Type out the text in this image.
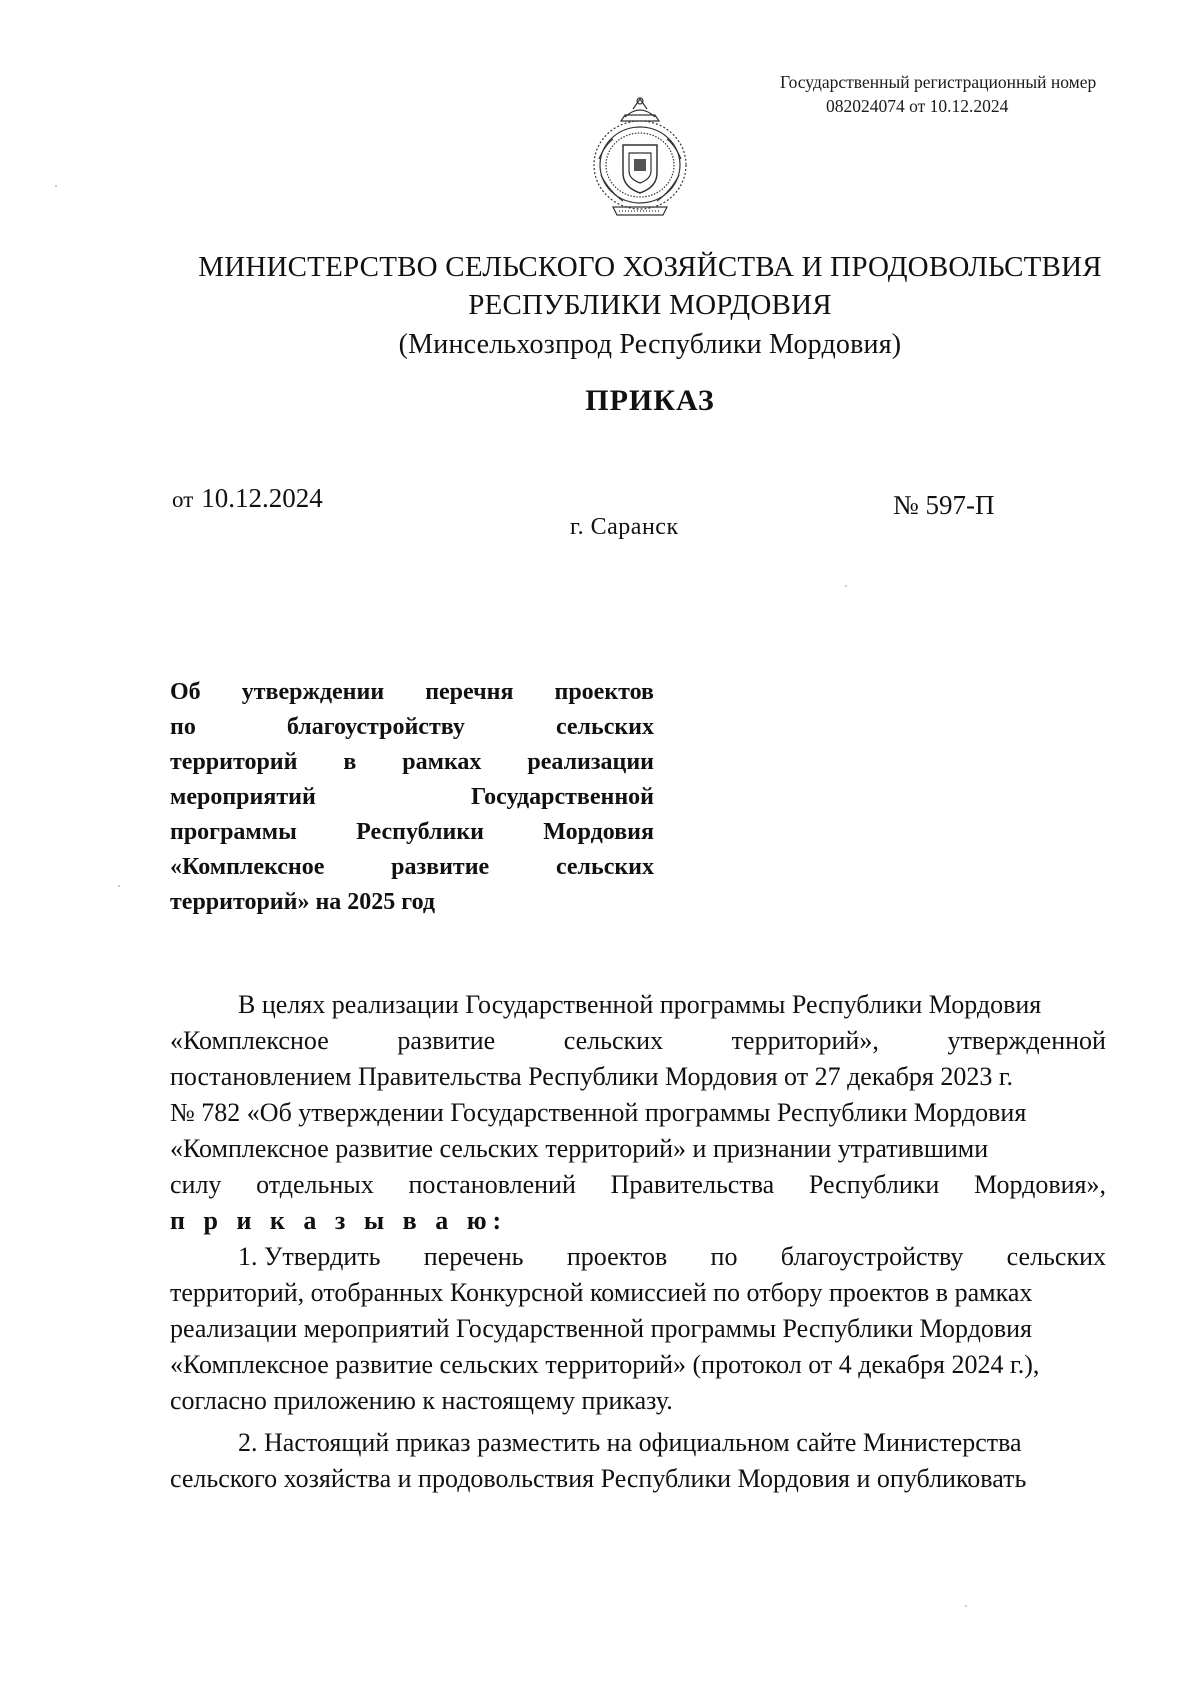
Государственный регистрационный номер
082024074 от 10.12.2024
МИНИСТЕРСТВО СЕЛЬСКОГО ХОЗЯЙСТВА И ПРОДОВОЛЬСТВИЯ
РЕСПУБЛИКИ МОРДОВИЯ
(Минсельхозпрод Республики Мордовия)
ПРИКАЗ
от 10.12.2024	№ 597-П
г. Саранск
Об утверждении перечня проектов
по	благоустройству	сельских
территорий в рамках реализации
мероприятий	Государственной
программы Республики Мордовия
«Комплексное	развитие	сельских
территорий» на 2025 год
В целях реализации Государственной программы Республики Мордовия
«Комплексное	развитие	сельских	территорий»,	утвержденной
постановлением Правительства Республики Мордовия от 27 декабря 2023 г.
№ 782 «Об утверждении Государственной программы Республики Мордовия
«Комплексное развитие сельских территорий» и признании утратившими
силу отдельных постановлений Правительства Республики Мордовия»,
п р и к а з ы в а ю:
1. Утвердить перечень проектов по благоустройству сельских
территорий, отобранных Конкурсной комиссией по отбору проектов в рамках
реализации мероприятий Государственной программы Республики Мордовия
«Комплексное развитие сельских территорий» (протокол от 4 декабря 2024 г.),
согласно приложению к настоящему приказу.
2. Настоящий приказ разместить на официальном сайте Министерства
сельского хозяйства и продовольствия Республики Мордовия и опубликовать
